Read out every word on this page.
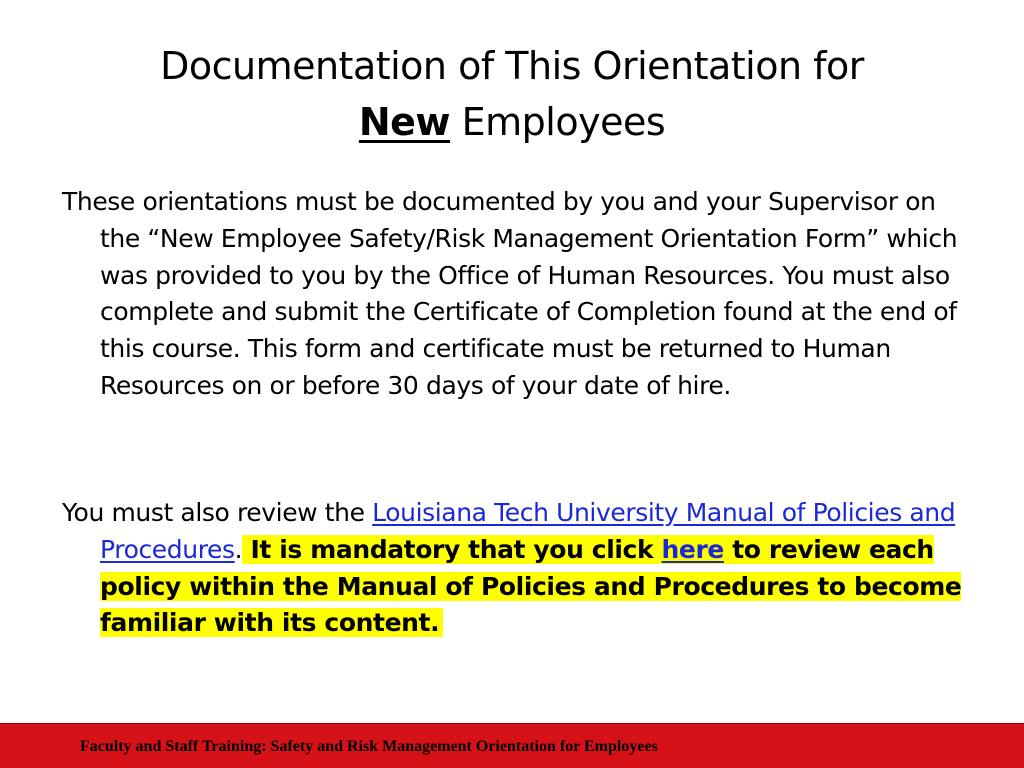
Documentation of This Orientation for
New Employees

These orientations must be documented by you and your Supervisor on the “New Employee Safety/Risk Management Orientation Form” which was provided to you by the Office of Human Resources. You must also complete and submit the Certificate of Completion found at the end of this course. This form and certificate must be returned to Human Resources on or before 30 days of your date of hire.

You must also review the Louisiana Tech University Manual of Policies and Procedures. It is mandatory that you click here to review each policy within the Manual of Policies and Procedures to become familiar with its content.

Faculty and Staff Training: Safety and Risk Management Orientation for Employees
